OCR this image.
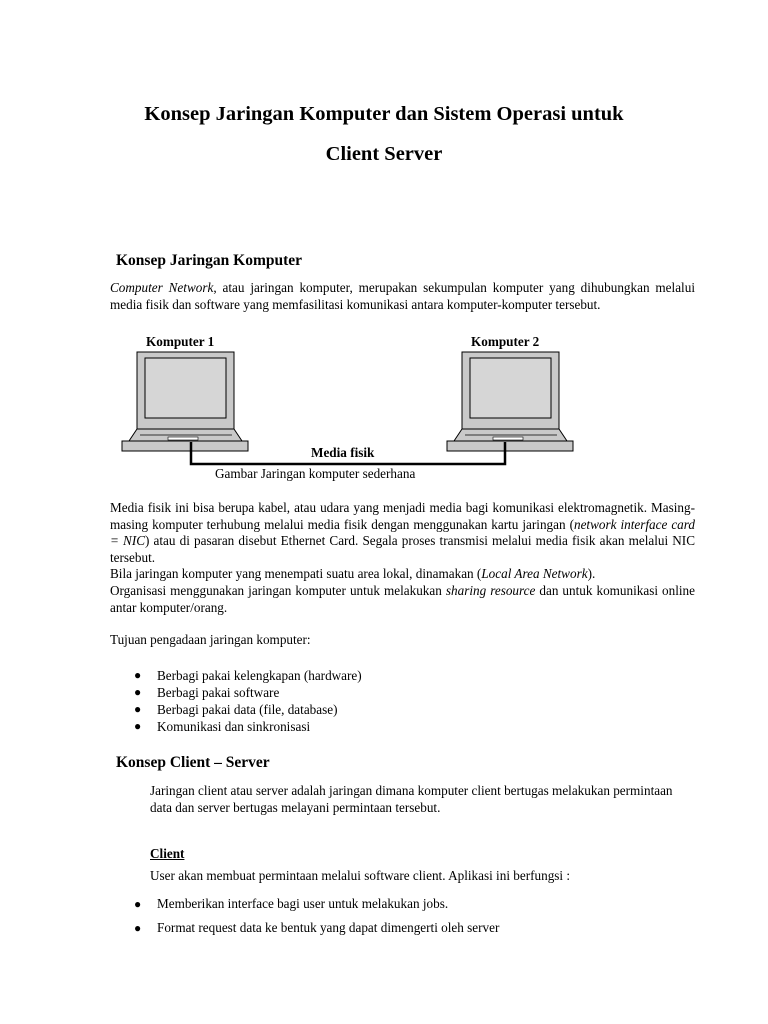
Konsep Jaringan Komputer dan Sistem Operasi untuk
Client Server
Konsep Jaringan Komputer

Computer Network, atau jaringan komputer, merupakan sekumpulan komputer yang dihubungkan melalui media fisik dan software yang memfasilitasi komunikasi antara komputer-komputer tersebut.

Komputer 1	Komputer 2
Media fisik
Gambar Jaringan komputer sederhana

Media fisik ini bisa berupa kabel, atau udara yang menjadi media bagi komunikasi elektromagnetik. Masing-masing komputer terhubung melalui media fisik dengan menggunakan kartu jaringan (network interface card = NIC) atau di pasaran disebut Ethernet Card. Segala proses transmisi melalui media fisik akan melalui NIC tersebut.

Bila jaringan komputer yang menempati suatu area lokal, dinamakan (Local Area Network).

Organisasi menggunakan jaringan komputer untuk melakukan sharing resource dan untuk komunikasi online antar komputer/orang.

Tujuan pengadaan jaringan komputer:

● Berbagi pakai kelengkapan (hardware)
● Berbagi pakai software
● Berbagi pakai data (file, database)
● Komunikasi dan sinkronisasi
Konsep Client – Server

Jaringan client atau server adalah jaringan dimana komputer client bertugas melakukan permintaan data dan server bertugas melayani permintaan tersebut.

Client

User akan membuat permintaan melalui software client. Aplikasi ini berfungsi :

● Memberikan interface bagi user untuk melakukan jobs.
● Format request data ke bentuk yang dapat dimengerti oleh server
